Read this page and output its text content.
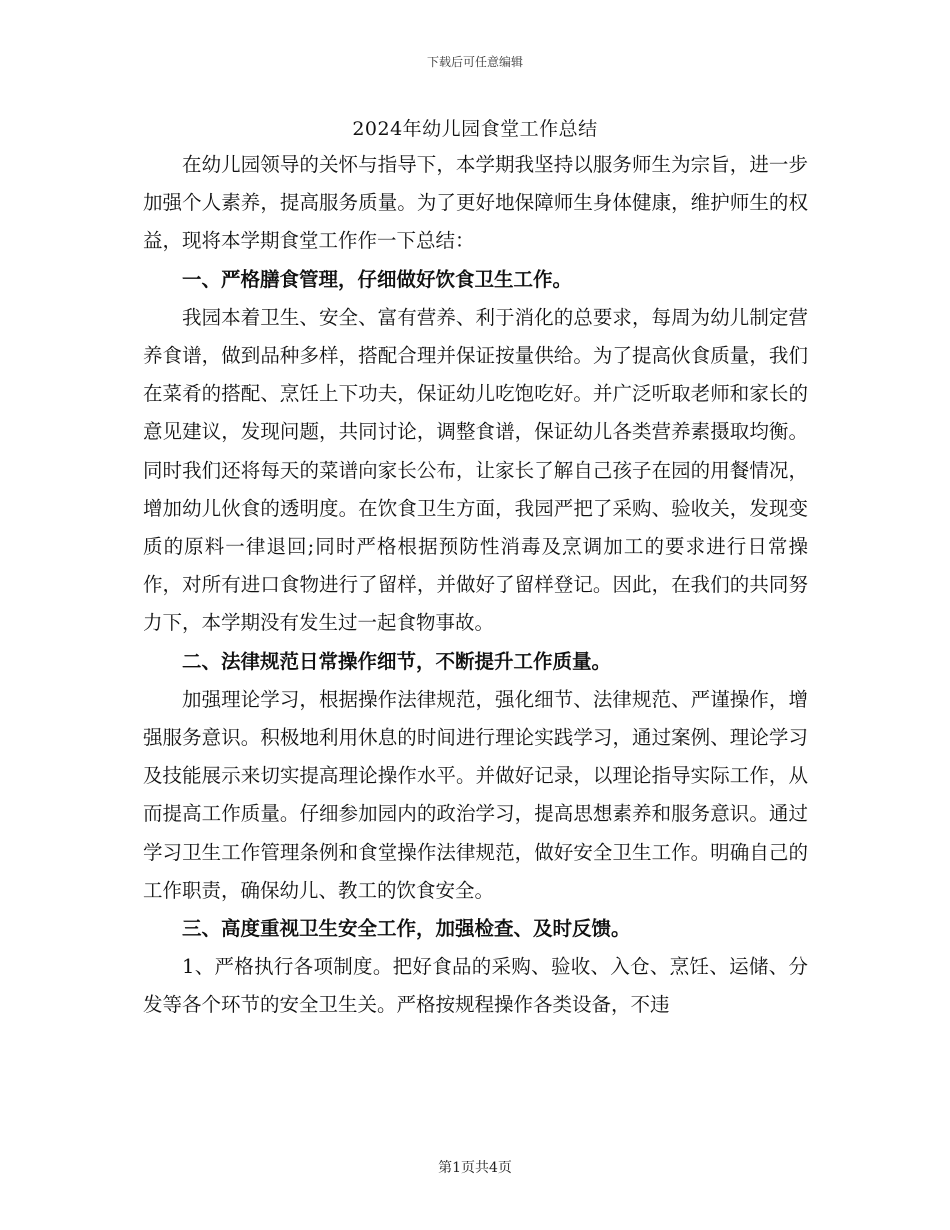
下载后可任意编辑
2024年幼儿园食堂工作总结

在幼儿园领导的关怀与指导下，本学期我坚持以服务师生为宗旨，进一步加强个人素养，提高服务质量。为了更好地保障师生身体健康，维护师生的权益，现将本学期食堂工作作一下总结：

一、严格膳食管理，仔细做好饮食卫生工作。

我园本着卫生、安全、富有营养、利于消化的总要求，每周为幼儿制定营养食谱，做到品种多样，搭配合理并保证按量供给。为了提高伙食质量，我们在菜肴的搭配、烹饪上下功夫，保证幼儿吃饱吃好。并广泛听取老师和家长的意见建议，发现问题，共同讨论，调整食谱，保证幼儿各类营养素摄取均衡。同时我们还将每天的菜谱向家长公布，让家长了解自己孩子在园的用餐情况，增加幼儿伙食的透明度。在饮食卫生方面，我园严把了采购、验收关，发现变质的原料一律退回;同时严格根据预防性消毒及烹调加工的要求进行日常操作，对所有进口食物进行了留样，并做好了留样登记。因此，在我们的共同努力下，本学期没有发生过一起食物事故。

二、法律规范日常操作细节，不断提升工作质量。

加强理论学习，根据操作法律规范，强化细节、法律规范、严谨操作，增强服务意识。积极地利用休息的时间进行理论实践学习，通过案例、理论学习及技能展示来切实提高理论操作水平。并做好记录，以理论指导实际工作，从而提高工作质量。仔细参加园内的政治学习，提高思想素养和服务意识。通过学习卫生工作管理条例和食堂操作法律规范，做好安全卫生工作。明确自己的工作职责，确保幼儿、教工的饮食安全。

三、高度重视卫生安全工作，加强检查、及时反馈。

1、严格执行各项制度。把好食品的采购、验收、入仓、烹饪、运储、分发等各个环节的安全卫生关。严格按规程操作各类设备，不违

第1页共4页
